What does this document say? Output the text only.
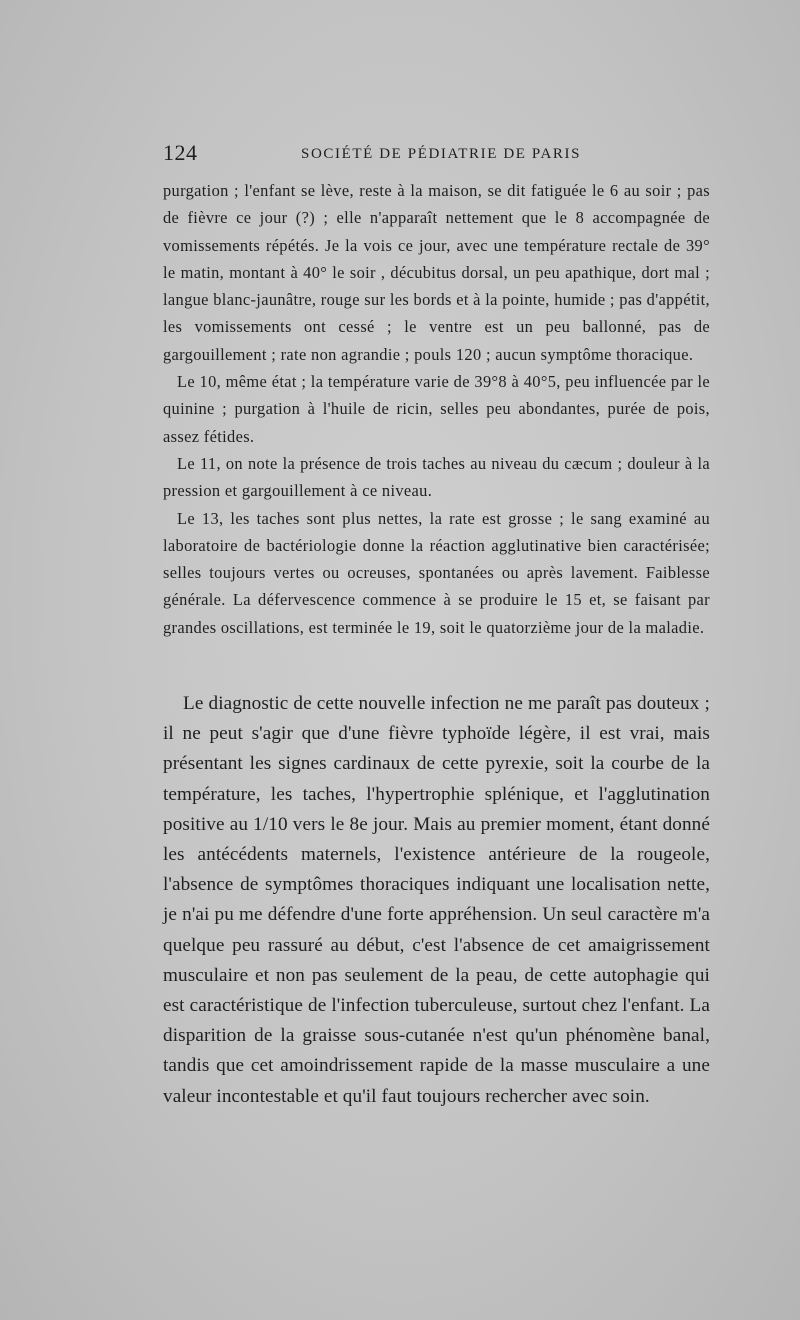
124	SOCIÉTÉ DE PÉDIATRIE DE PARIS

purgation ; l'enfant se lève, reste à la maison, se dit fatiguée le 6 au soir ; pas de fièvre ce jour (?) ; elle n'apparaît nettement que le 8 accompagnée de vomissements répétés. Je la vois ce jour, avec une température rectale de 39° le matin, montant à 40° le soir , décubitus dorsal, un peu apathique, dort mal ; langue blanc-jaunâtre, rouge sur les bords et à la pointe, humide ; pas d'appétit, les vomissements ont cessé ; le ventre est un peu ballonné, pas de gargouillement ; rate non agrandie ; pouls 120 ; aucun symptôme thoracique.

Le 10, même état ; la température varie de 39°8 à 40°5, peu influencée par le quinine ; purgation à l'huile de ricin, selles peu abondantes, purée de pois, assez fétides.

Le 11, on note la présence de trois taches au niveau du cæcum ; douleur à la pression et gargouillement à ce niveau.

Le 13, les taches sont plus nettes, la rate est grosse ; le sang examiné au laboratoire de bactériologie donne la réaction agglutinative bien caractérisée; selles toujours vertes ou ocreuses, spontanées ou après lavement. Faiblesse générale. La défervescence commence à se produire le 15 et, se faisant par grandes oscillations, est terminée le 19, soit le quatorzième jour de la maladie.

Le diagnostic de cette nouvelle infection ne me paraît pas douteux ; il ne peut s'agir que d'une fièvre typhoïde légère, il est vrai, mais présentant les signes cardinaux de cette pyrexie, soit la courbe de la température, les taches, l'hypertrophie splénique, et l'agglutination positive au 1/10 vers le 8e jour. Mais au premier moment, étant donné les antécédents maternels, l'existence antérieure de la rougeole, l'absence de symptômes thoraciques indiquant une localisation nette, je n'ai pu me défendre d'une forte appréhension. Un seul caractère m'a quelque peu rassuré au début, c'est l'absence de cet amaigrissement musculaire et non pas seulement de la peau, de cette autophagie qui est caractéristique de l'infection tuberculeuse, surtout chez l'enfant. La disparition de la graisse sous-cutanée n'est qu'un phénomène banal, tandis que cet amoindrissement rapide de la masse musculaire a une valeur incontestable et qu'il faut toujours rechercher avec soin.
